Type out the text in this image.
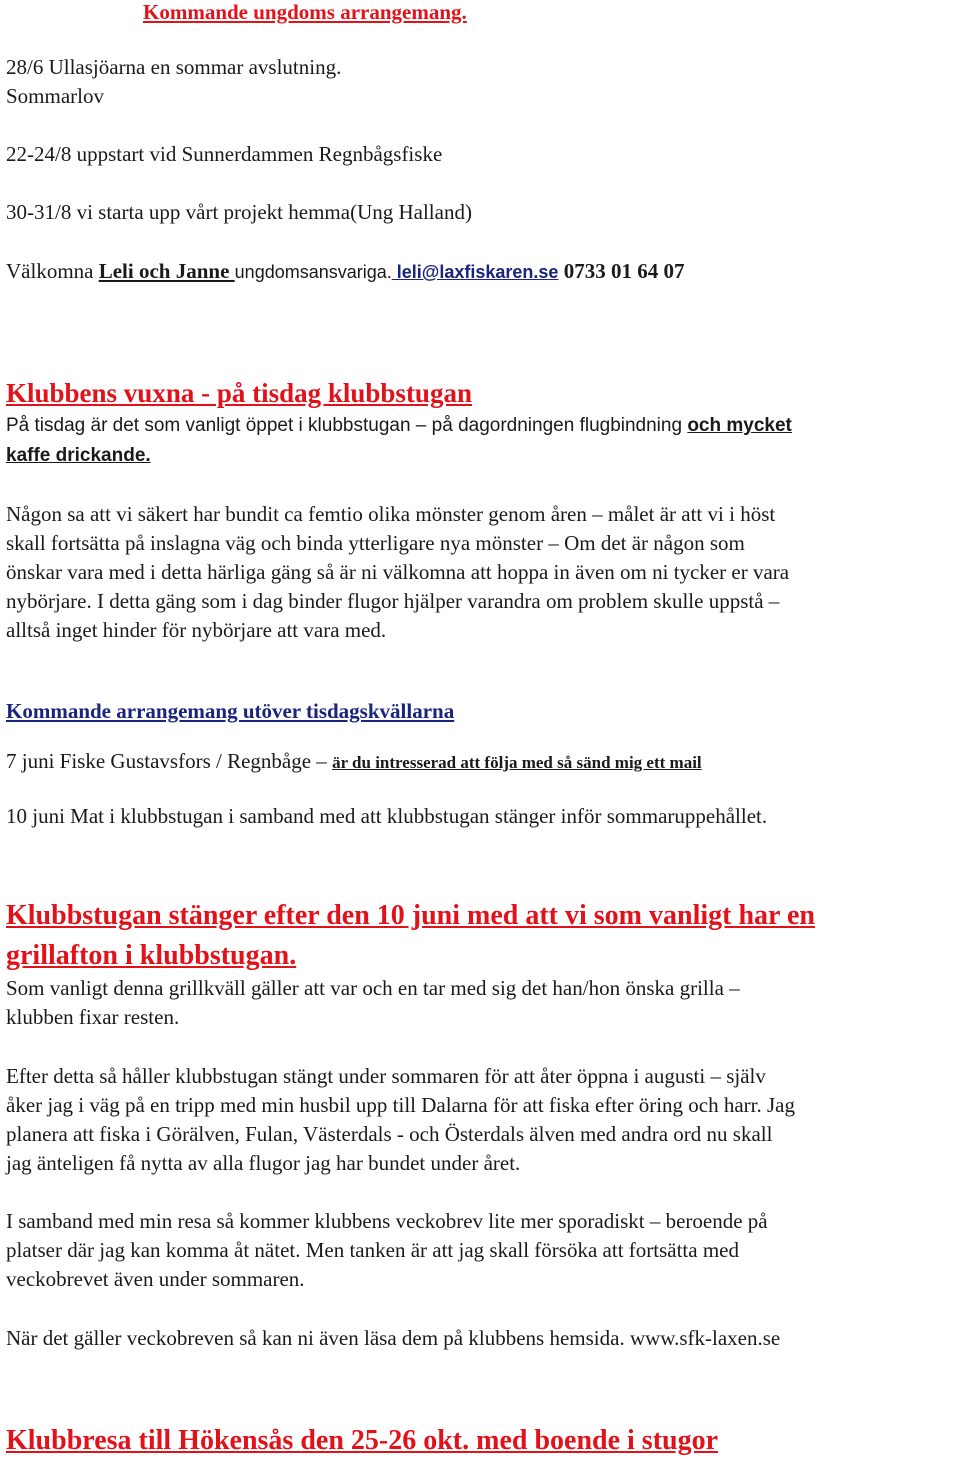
Kommande ungdoms arrangemang.
28/6 Ullasjöarna en sommar avslutning.
Sommarlov
22-24/8 uppstart vid Sunnerdammen Regnbågsfiske
30-31/8 vi starta upp vårt projekt hemma(Ung Halland)
Välkomna Leli och Janne ungdomsansvariga. leli@laxfiskaren.se 0733 01 64 07
Klubbens vuxna - på tisdag klubbstugan
På tisdag är det som vanligt öppet i klubbstugan – på dagordningen flugbindning och mycket
kaffe drickande.
Någon sa att vi säkert har bundit ca femtio olika mönster genom åren – målet är att vi i höst
skall fortsätta på inslagna väg och binda ytterligare nya mönster – Om det är någon som
önskar vara med i detta härliga gäng så är ni välkomna att hoppa in även om ni tycker er vara
nybörjare. I detta gäng som i dag binder flugor hjälper varandra om problem skulle uppstå –
alltså inget hinder för nybörjare att vara med.
Kommande arrangemang utöver tisdagskvällarna
7 juni Fiske Gustavsfors / Regnbåge – är du intresserad att följa med så sänd mig ett mail
10 juni Mat i klubbstugan i samband med att klubbstugan stänger inför sommaruppehållet.
Klubbstugan stänger efter den 10 juni med att vi som vanligt har en
grillafton i klubbstugan.
Som vanligt denna grillkväll gäller att var och en tar med sig det han/hon önska grilla –
klubben fixar resten.
Efter detta så håller klubbstugan stängt under sommaren för att åter öppna i augusti – själv
åker jag i väg på en tripp med min husbil upp till Dalarna för att fiska efter öring och harr. Jag
planera att fiska i Görälven, Fulan, Västerdals - och Österdals älven med andra ord nu skall
jag änteligen få nytta av alla flugor jag har bundet under året.
I samband med min resa så kommer klubbens veckobrev lite mer sporadiskt – beroende på
platser där jag kan komma åt nätet. Men tanken är att jag skall försöka att fortsätta med
veckobrevet även under sommaren.
När det gäller veckobreven så kan ni även läsa dem på klubbens hemsida. www.sfk-laxen.se
Klubbresa till Hökensås den 25-26 okt. med boende i stugor
